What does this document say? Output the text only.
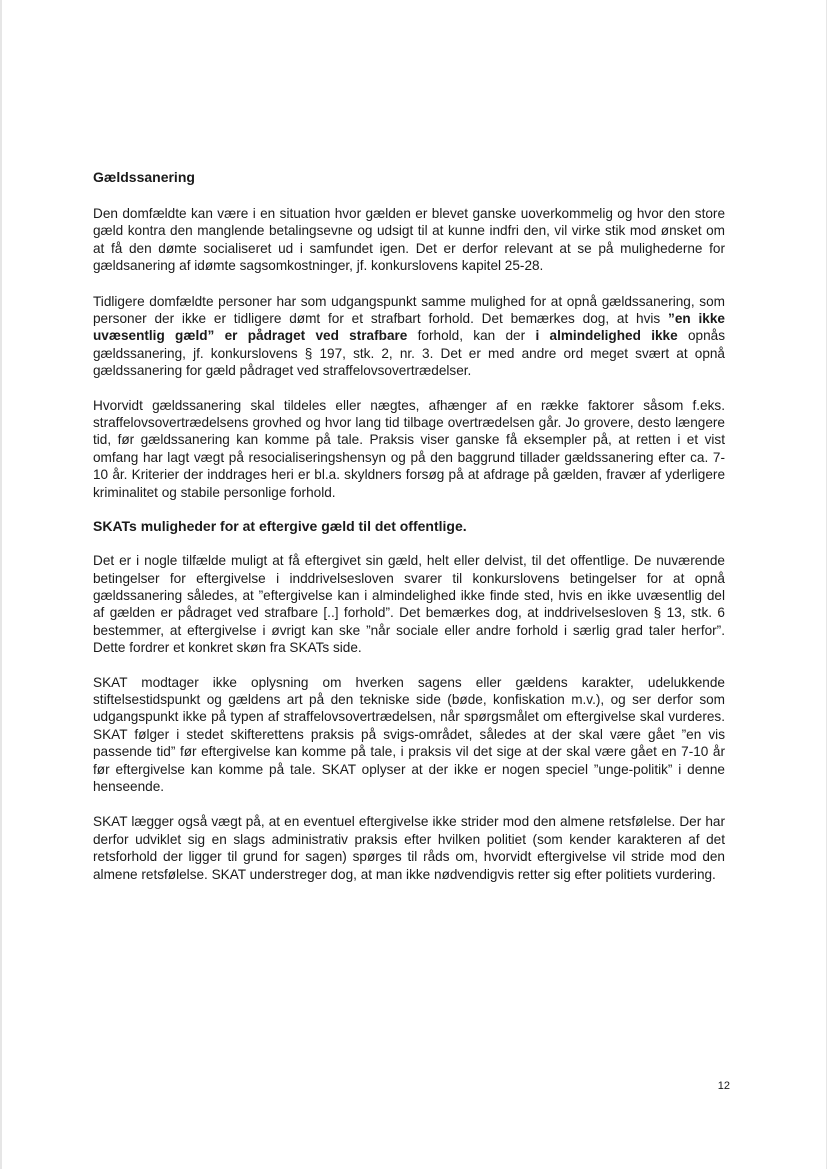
Gældssanering

Den domfældte kan være i en situation hvor gælden er blevet ganske uoverkommelig og hvor den store gæld kontra den manglende betalingsevne og udsigt til at kunne indfri den, vil virke stik mod ønsket om at få den dømte socialiseret ud i samfundet igen. Det er derfor relevant at se på mulighederne for gældsanering af idømte sagsomkostninger, jf. konkurslovens kapitel 25-28.

Tidligere domfældte personer har som udgangspunkt samme mulighed for at opnå gældssanering, som personer der ikke er tidligere dømt for et strafbart forhold. Det bemærkes dog, at hvis ”en ikke uvæsentlig gæld” er pådraget ved strafbare forhold, kan der i almindelighed ikke opnås gældssanering, jf. konkurslovens § 197, stk. 2, nr. 3. Det er med andre ord meget svært at opnå gældssanering for gæld pådraget ved straffelovsovertrædelser.

Hvorvidt gældssanering skal tildeles eller nægtes, afhænger af en række faktorer såsom f.eks. straffelovsovertrædelsens grovhed og hvor lang tid tilbage overtrædelsen går. Jo grovere, desto længere tid, før gældssanering kan komme på tale. Praksis viser ganske få eksempler på, at retten i et vist omfang har lagt vægt på resocialiseringshensyn og på den baggrund tillader gældssanering efter ca. 7-10 år. Kriterier der inddrages heri er bl.a. skyldners forsøg på at afdrage på gælden, fravær af yderligere kriminalitet og stabile personlige forhold.

SKATs muligheder for at eftergive gæld til det offentlige.

Det er i nogle tilfælde muligt at få eftergivet sin gæld, helt eller delvist, til det offentlige. De nuværende betingelser for eftergivelse i inddrivelsesloven svarer til konkurslovens betingelser for at opnå gældssanering således, at ”eftergivelse kan i almindelighed ikke finde sted, hvis en ikke uvæsentlig del af gælden er pådraget ved strafbare [..] forhold”. Det bemærkes dog, at inddrivelsesloven § 13, stk. 6 bestemmer, at eftergivelse i øvrigt kan ske ”når sociale eller andre forhold i særlig grad taler herfor”. Dette fordrer et konkret skøn fra SKATs side.

SKAT modtager ikke oplysning om hverken sagens eller gældens karakter, udelukkende stiftelsestidspunkt og gældens art på den tekniske side (bøde, konfiskation m.v.), og ser derfor som udgangspunkt ikke på typen af straffelovsovertrædelsen, når spørgsmålet om eftergivelse skal vurderes. SKAT følger i stedet skifterettens praksis på svigs-området, således at der skal være gået ”en vis passende tid” før eftergivelse kan komme på tale, i praksis vil det sige at der skal være gået en 7-10 år før eftergivelse kan komme på tale. SKAT oplyser at der ikke er nogen speciel ”unge-politik” i denne henseende.

SKAT lægger også vægt på, at en eventuel eftergivelse ikke strider mod den almene retsfølelse. Der har derfor udviklet sig en slags administrativ praksis efter hvilken politiet (som kender karakteren af det retsforhold der ligger til grund for sagen) spørges til råds om, hvorvidt eftergivelse vil stride mod den almene retsfølelse. SKAT understreger dog, at man ikke nødvendigvis retter sig efter politiets vurdering.

12
